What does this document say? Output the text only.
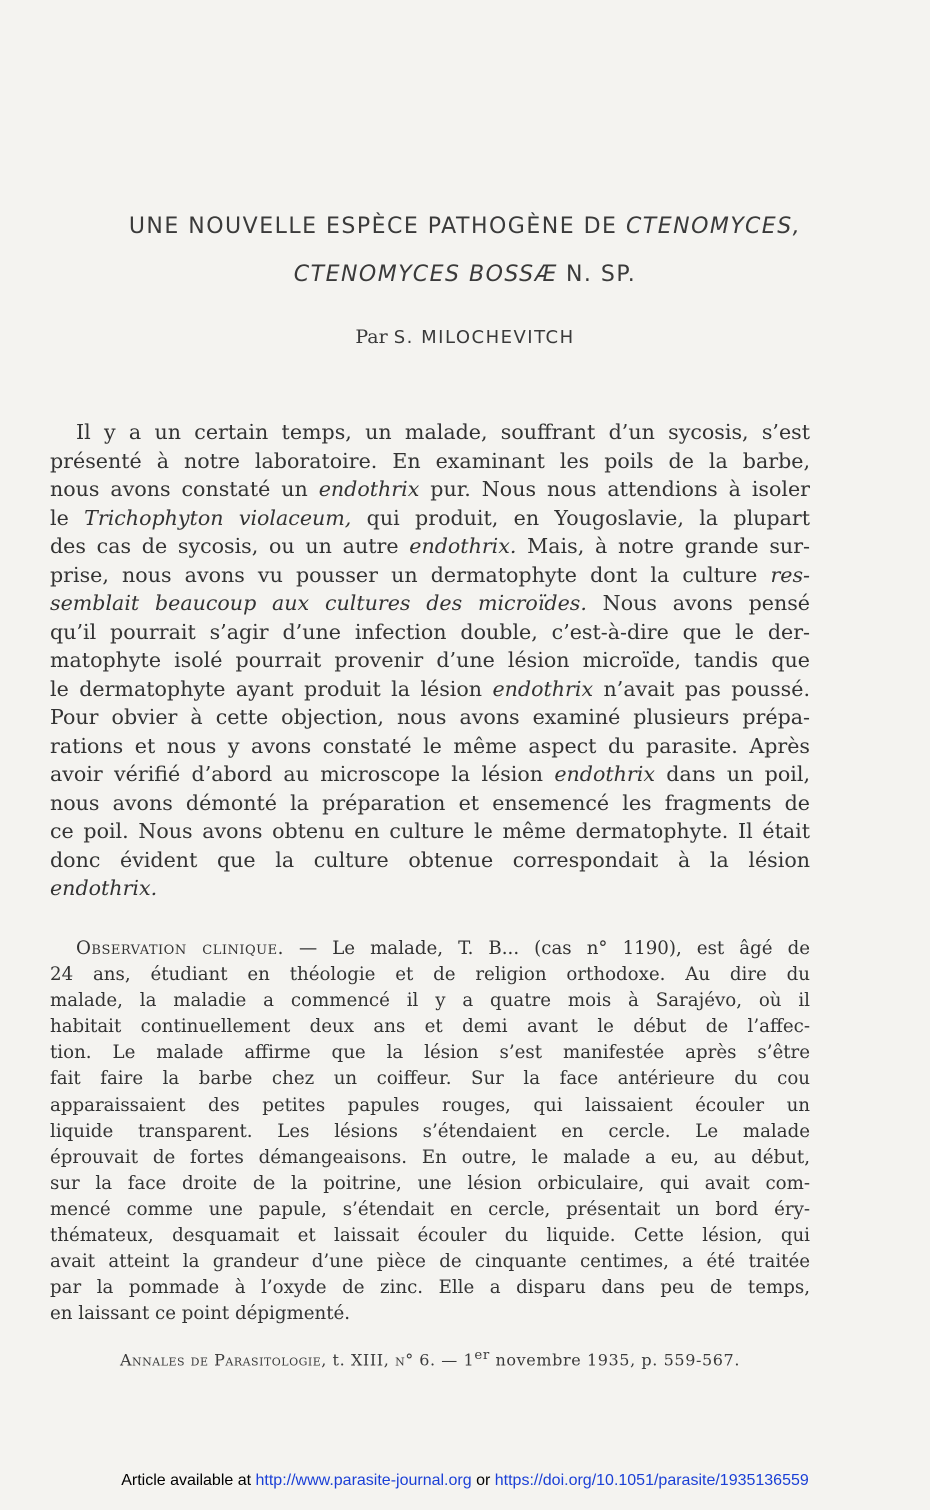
UNE NOUVELLE ESPÈCE PATHOGÈNE DE CTENOMYCES,
CTENOMYCES BOSSÆ N. SP.
Par S. MILOCHEVITCH
Il y a un certain temps, un malade, souffrant d’un sycosis, s’est
présenté à notre laboratoire. En examinant les poils de la barbe,
nous avons constaté un endothrix pur. Nous nous attendions à isoler
le Trichophyton violaceum, qui produit, en Yougoslavie, la plupart
des cas de sycosis, ou un autre endothrix. Mais, à notre grande sur-
prise, nous avons vu pousser un dermatophyte dont la culture res-
semblait beaucoup aux cultures des microïdes. Nous avons pensé
qu’il pourrait s’agir d’une infection double, c’est-à-dire que le der-
matophyte isolé pourrait provenir d’une lésion microïde, tandis que
le dermatophyte ayant produit la lésion endothrix n’avait pas poussé.
Pour obvier à cette objection, nous avons examiné plusieurs prépa-
rations et nous y avons constaté le même aspect du parasite. Après
avoir vérifié d’abord au microscope la lésion endothrix dans un poil,
nous avons démonté la préparation et ensemencé les fragments de
ce poil. Nous avons obtenu en culture le même dermatophyte. Il était
donc évident que la culture obtenue correspondait à la lésion
endothrix.
Observation clinique. — Le malade, T. B... (cas n° 1190), est âgé de
24 ans, étudiant en théologie et de religion orthodoxe. Au dire du
malade, la maladie a commencé il y a quatre mois à Sarajévo, où il
habitait continuellement deux ans et demi avant le début de l’affec-
tion. Le malade affirme que la lésion s’est manifestée après s’être
fait faire la barbe chez un coiffeur. Sur la face antérieure du cou
apparaissaient des petites papules rouges, qui laissaient écouler un
liquide transparent. Les lésions s’étendaient en cercle. Le malade
éprouvait de fortes démangeaisons. En outre, le malade a eu, au début,
sur la face droite de la poitrine, une lésion orbiculaire, qui avait com-
mencé comme une papule, s’étendait en cercle, présentait un bord éry-
thémateux, desquamait et laissait écouler du liquide. Cette lésion, qui
avait atteint la grandeur d’une pièce de cinquante centimes, a été traitée
par la pommade à l’oxyde de zinc. Elle a disparu dans peu de temps,
en laissant ce point dépigmenté.
Annales de Parasitologie, t. XIII, n° 6. — 1er novembre 1935, p. 559-567.
Article available at http://www.parasite-journal.org or https://doi.org/10.1051/parasite/1935136559
